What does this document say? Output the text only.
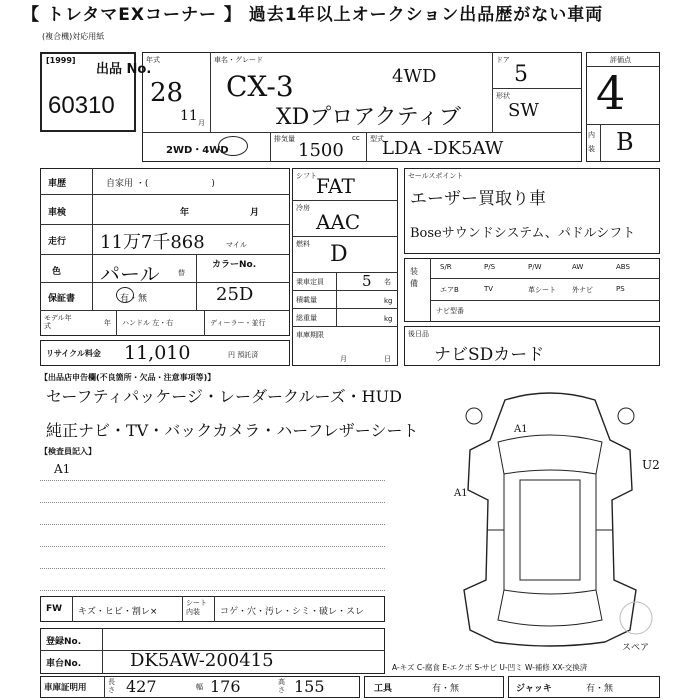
【 トレタマEXコーナー 】 過去1年以上オークション出品歴がない車両
(複合機)対応用紙
[1999]
出品 No.
60310
年式
28
11 月
車名・グレード
CX-3	4WD
XDプロアクティブ
ドア
5
形状
SW
2WD・4WD
排気量	cc
1500
型式
LDA -DK5AW
評価点
4
内装 B
車歴	自家用 ・(　　　　　　　)
車検	年	月
走行 11万7千868	マイル
色 パール	替
カラーNo.
25D
保証書	有・無
モデル年式	年 ハンドル 左・右	ディーラー・並行
リサイクル料金 11,010	円 預託済
シフト FAT
冷房
AAC
燃料 D
乗車定員	5 名
積載量	kg
総重量	kg
車庫期限
月	日
セールスポイント
エーザー買取り車
Boseサウンドシステム、パドルシフト
装備
S/R	P/S	P/W	AW	ABS
エアB	TV	革シート 外ナビ	PS
ナビ型番
後日品
ナビSDカード
【出品店申告欄(不良箇所・欠品・注意事項等)】
セーフティパッケージ・レーダークルーズ・HUD
純正ナビ・TV・バックカメラ・ハーフレザーシート
【検査員記入】
A1
A1
A1
U2
スペア
FW キズ・ヒビ・割レ×
シート内装	コゲ・穴・汚レ・シミ・破レ・スレ
登録No.
車台No.	DK5AW-200415	A-キズ C-腐食 E-エクボ S-サビ U-凹ミ W-補修 XX-交換済
車庫証明用
長さ 427	幅 176	高さ 155	工具	有・無	ジャッキ	有・無
